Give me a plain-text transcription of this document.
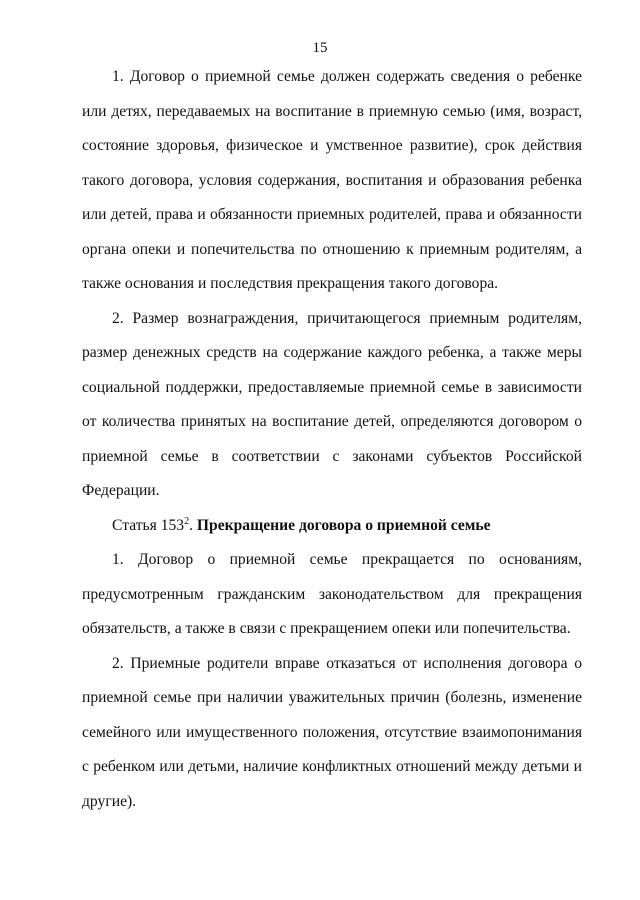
15

1. Договор о приемной семье должен содержать сведения о ребенке или детях, передаваемых на воспитание в приемную семью (имя, возраст, состояние здоровья, физическое и умственное развитие), срок действия такого договора, условия содержания, воспитания и образования ребенка или детей, права и обязанности приемных родителей, права и обязанности органа опеки и попечительства по отношению к приемным родителям, а также основания и последствия прекращения такого договора.

2. Размер вознаграждения, причитающегося приемным родителям, размер денежных средств на содержание каждого ребенка, а также меры социальной поддержки, предоставляемые приемной семье в зависимости от количества принятых на воспитание детей, определяются договором о приемной семье в соответствии с законами субъектов Российской Федерации.

Статья $153^2$. Прекращение договора о приемной семье

1. Договор о приемной семье прекращается по основаниям, предусмотренным гражданским законодательством для прекращения обязательств, а также в связи с прекращением опеки или попечительства.

2. Приемные родители вправе отказаться от исполнения договора о приемной семье при наличии уважительных причин (болезнь, изменение семейного или имущественного положения, отсутствие взаимопонимания с ребенком или детьми, наличие конфликтных отношений между детьми и другие).
